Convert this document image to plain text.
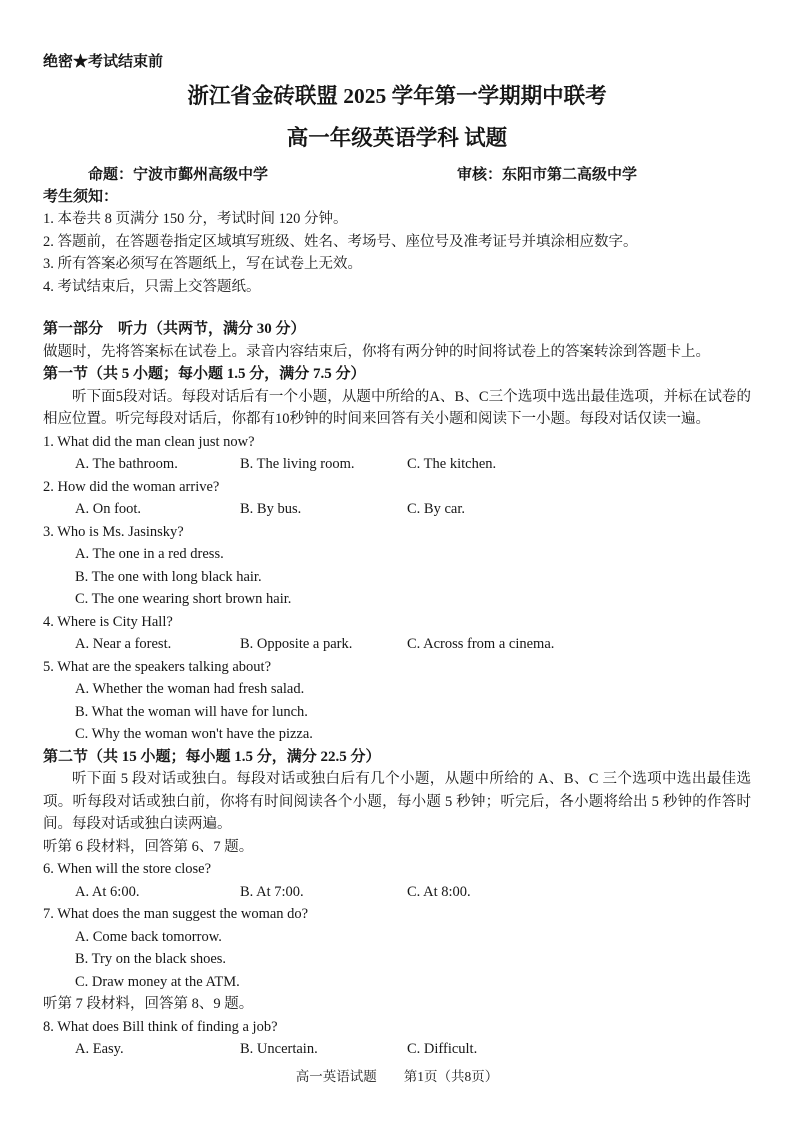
绝密★考试结束前
浙江省金砖联盟 2025 学年第一学期期中联考
高一年级英语学科 试题
命题：宁波市鄞州高级中学	审核：东阳市第二高级中学
考生须知：
1. 本卷共 8 页满分 150 分，考试时间 120 分钟。
2. 答题前，在答题卷指定区域填写班级、姓名、考场号、座位号及准考证号并填涂相应数字。
3. 所有答案必须写在答题纸上，写在试卷上无效。
4. 考试结束后，只需上交答题纸。
第一部分　听力（共两节，满分 30 分）
做题时，先将答案标在试卷上。录音内容结束后，你将有两分钟的时间将试卷上的答案转涂到答题卡上。
第一节（共 5 小题；每小题 1.5 分，满分 7.5 分）
听下面5段对话。每段对话后有一个小题，从题中所给的A、B、C三个选项中选出最佳选项，并标在试卷的相应位置。听完每段对话后，你都有10秒钟的时间来回答有关小题和阅读下一小题。每段对话仅读一遍。
1. What did the man clean just now?
A. The bathroom.	B. The living room.	C. The kitchen.
2. How did the woman arrive?
A. On foot.	B. By bus.	C. By car.
3. Who is Ms. Jasinsky?
A. The one in a red dress.
B. The one with long black hair.
C. The one wearing short brown hair.
4. Where is City Hall?
A. Near a forest.	B. Opposite a park.	C. Across from a cinema.
5. What are the speakers talking about?
A. Whether the woman had fresh salad.
B. What the woman will have for lunch.
C. Why the woman won't have the pizza.
第二节（共 15 小题；每小题 1.5 分，满分 22.5 分）
听下面 5 段对话或独白。每段对话或独白后有几个小题，从题中所给的 A、B、C 三个选项中选出最佳选项。听每段对话或独白前，你将有时间阅读各个小题，每小题 5 秒钟；听完后，各小题将给出 5 秒钟的作答时间。每段对话或独白读两遍。
听第 6 段材料，回答第 6、7 题。
6. When will the store close?
A. At 6:00.	B. At 7:00.	C. At 8:00.
7. What does the man suggest the woman do?
A. Come back tomorrow.
B. Try on the black shoes.
C. Draw money at the ATM.
听第 7 段材料，回答第 8、9 题。
8. What does Bill think of finding a job?
A. Easy.	B. Uncertain.	C. Difficult.
高一英语试题　　第1页（共8页）
